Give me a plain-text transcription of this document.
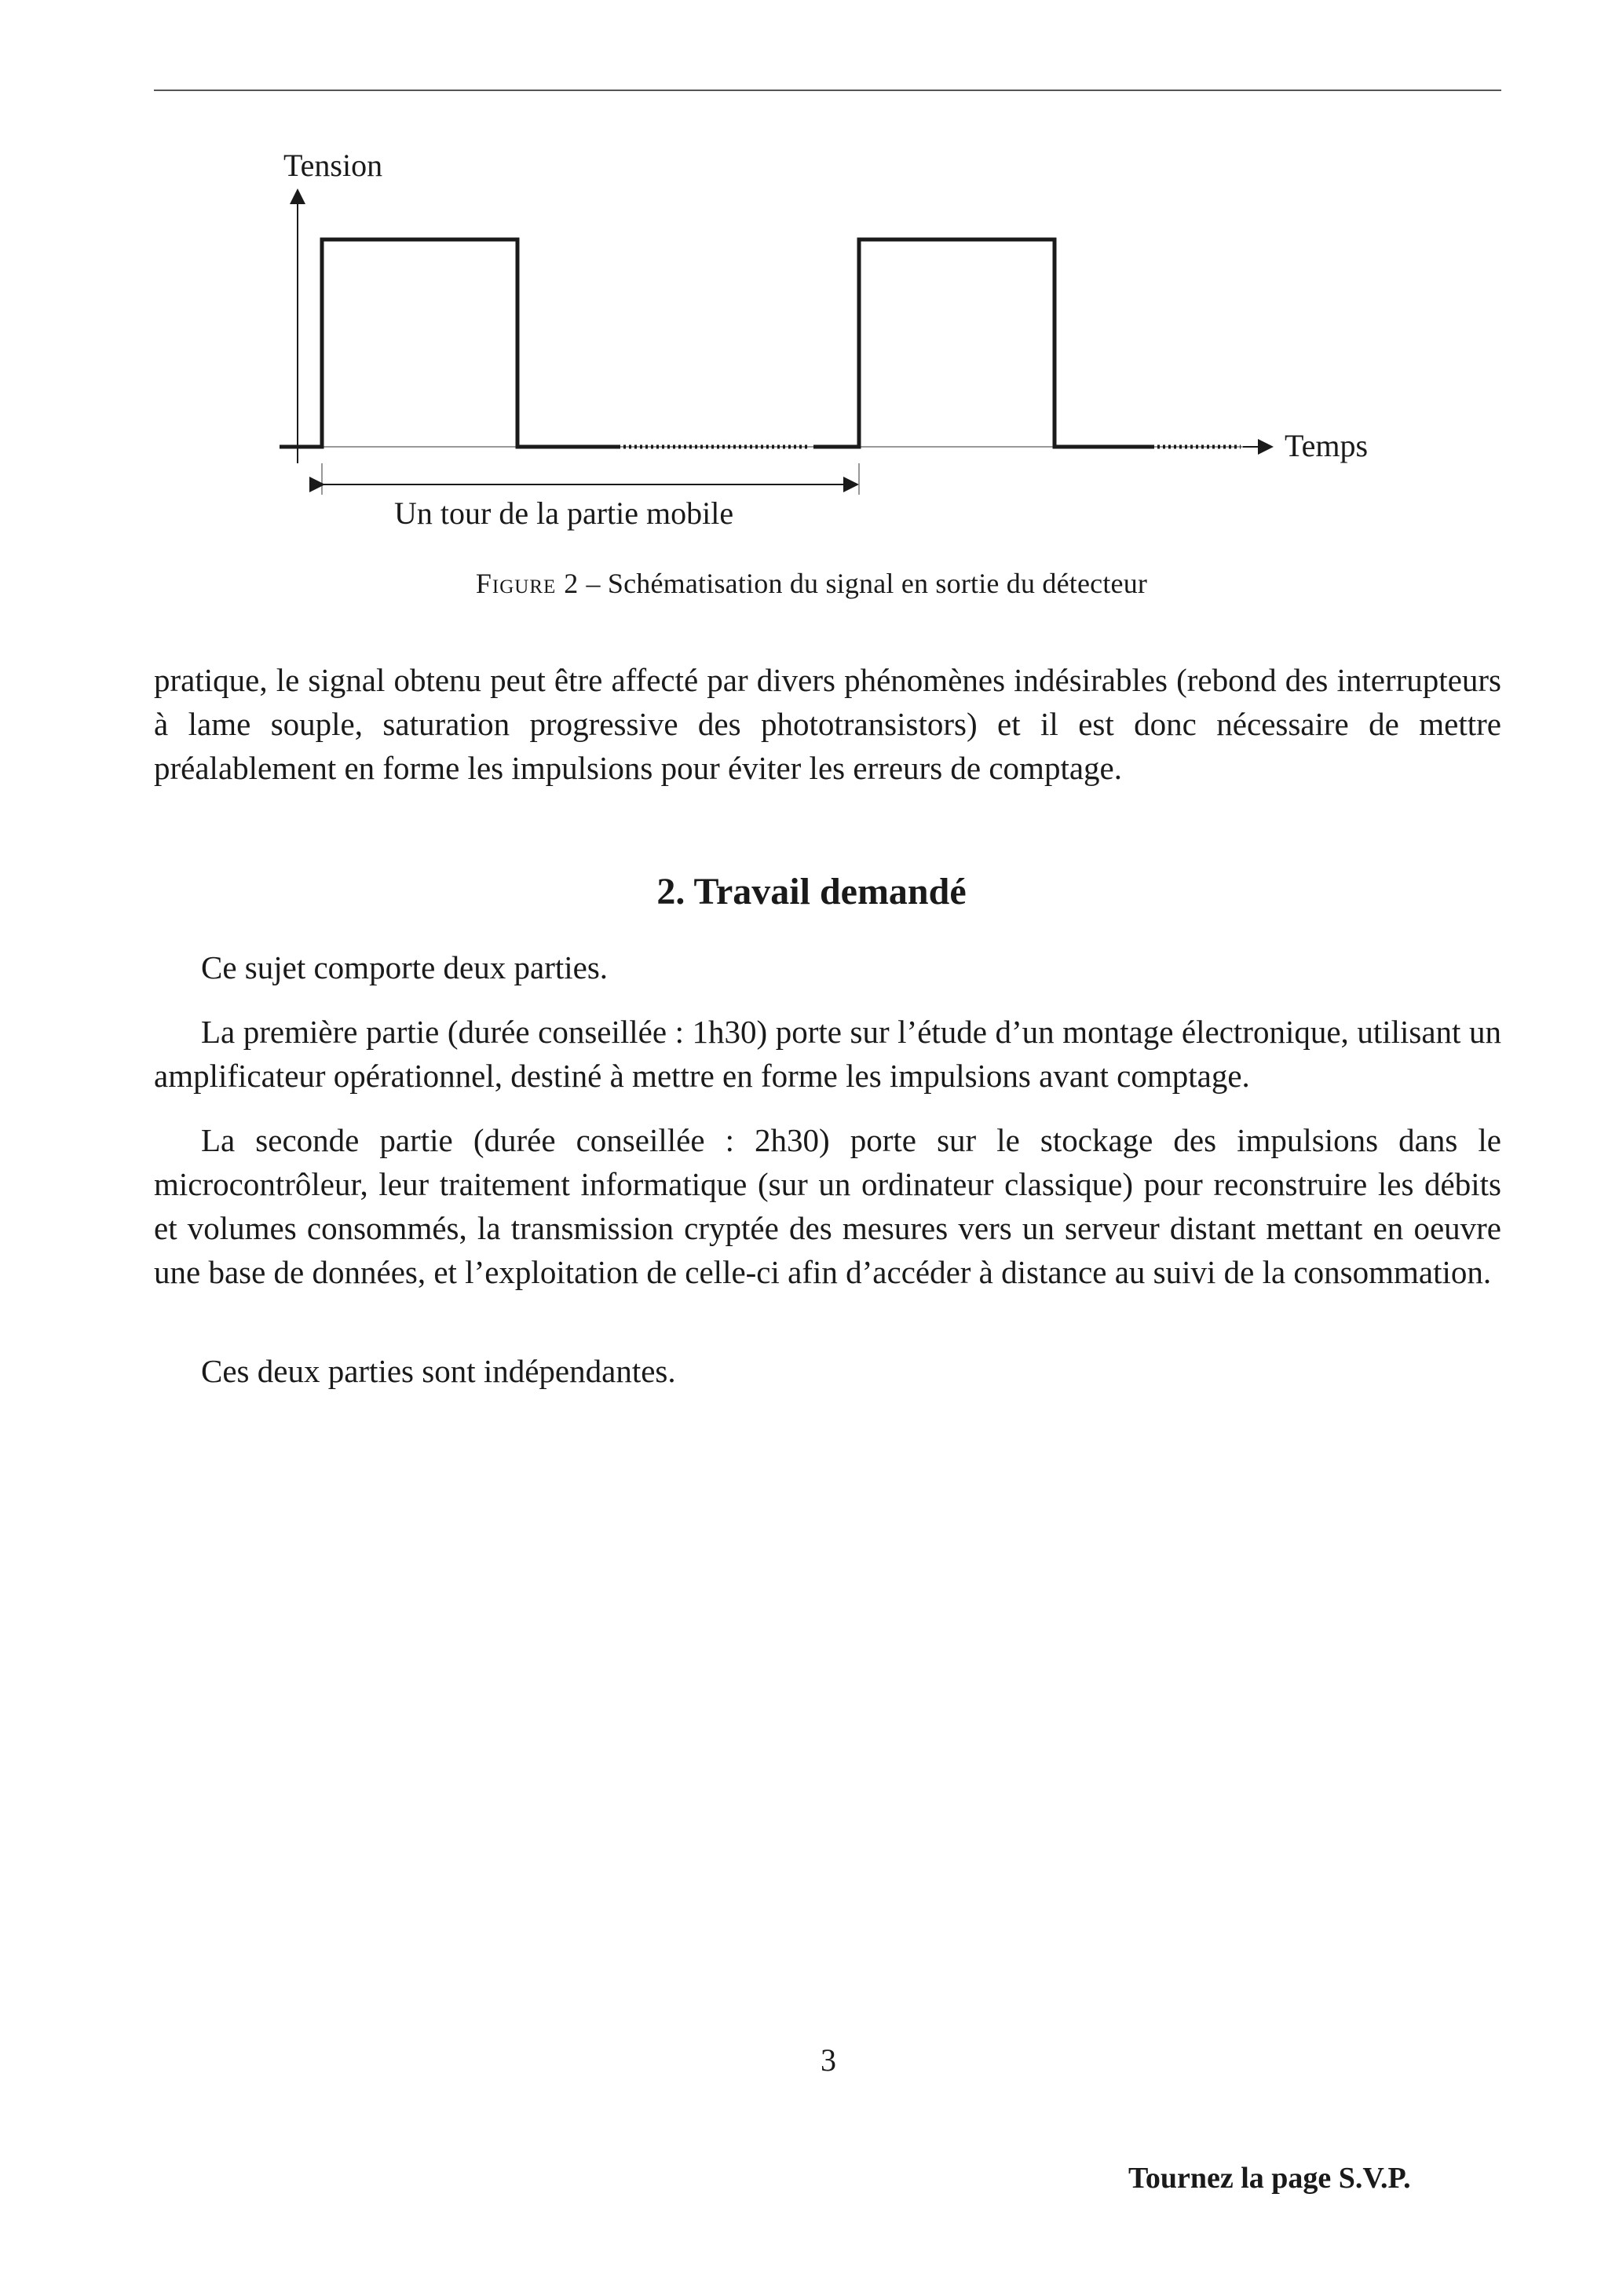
Tension
Temps
Un tour de la partie mobile
Figure 2 – Schématisation du signal en sortie du détecteur

pratique, le signal obtenu peut être affecté par divers phénomènes indésirables (rebond des interrupteurs à lame souple, saturation progressive des phototransistors) et il est donc nécessaire de mettre préalablement en forme les impulsions pour éviter les erreurs de comptage.

2. Travail demandé

Ce sujet comporte deux parties.

La première partie (durée conseillée : 1h30) porte sur l’étude d’un montage électronique, utilisant un amplificateur opérationnel, destiné à mettre en forme les impulsions avant comptage.

La seconde partie (durée conseillée : 2h30) porte sur le stockage des impulsions dans le microcontrôleur, leur traitement informatique (sur un ordinateur classique) pour reconstruire les débits et volumes consommés, la transmission cryptée des mesures vers un serveur distant mettant en oeuvre une base de données, et l’exploitation de celle-ci afin d’accéder à distance au suivi de la consommation.

Ces deux parties sont indépendantes.

3
Tournez la page S.V.P.
